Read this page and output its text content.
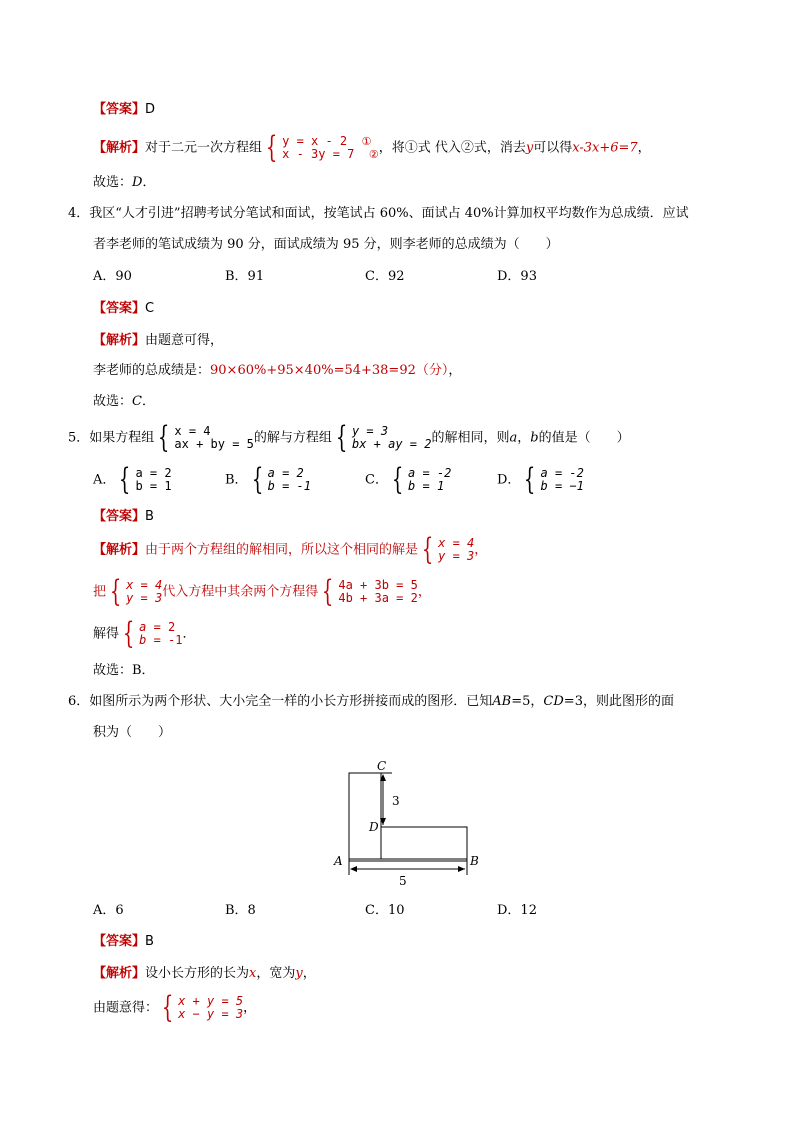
【答案】D
【解析】对于二元一次方程组 { y = x - 2 ①
x - 3y = 7 ② ，将①式 代入②式，消去y可以得x-3x+6=7，
故选：D．
4．我区“人才引进”招聘考试分笔试和面试，按笔试占 60%、面试占 40%计算加权平均数作为总成绩．应试
者李老师的笔试成绩为 90 分，面试成绩为 95 分，则李老师的总成绩为（　　）
A．90	B．91	C．92	D．93
【答案】C
【解析】由题意可得，
李老师的总成绩是：90×60%+95×40%=54+38=92（分），
故选：C．
5．如果方程组 { x = 4
ax + by = 5 的解与方程组 { y = 3
bx + ay = 2 的解相同，则a，b的值是（　　）
A． { a = 2
b = 1	B． { a = 2
b = -1	C． { a = -2
b = 1	D． { a = -2
b = −1
【答案】B
【解析】由于两个方程组的解相同，所以这个相同的解是 { x = 4
y = 3 ，
把 { x = 4
y = 3 代入方程中其余两个方程得 { 4a + 3b = 5
4b + 3a = 2 ，
解得 { a = 2
b = -1 ．
故选：B．
6．如图所示为两个形状、大小完全一样的小长方形拼接而成的图形．已知AB=5，CD=3，则此图形的面
积为（　　）
C
3
D
A	B
5
A．6	B．8	C．10	D．12
【答案】B
【解析】设小长方形的长为x，宽为y，
由题意得： { x + y = 5
x − y = 3 ，
